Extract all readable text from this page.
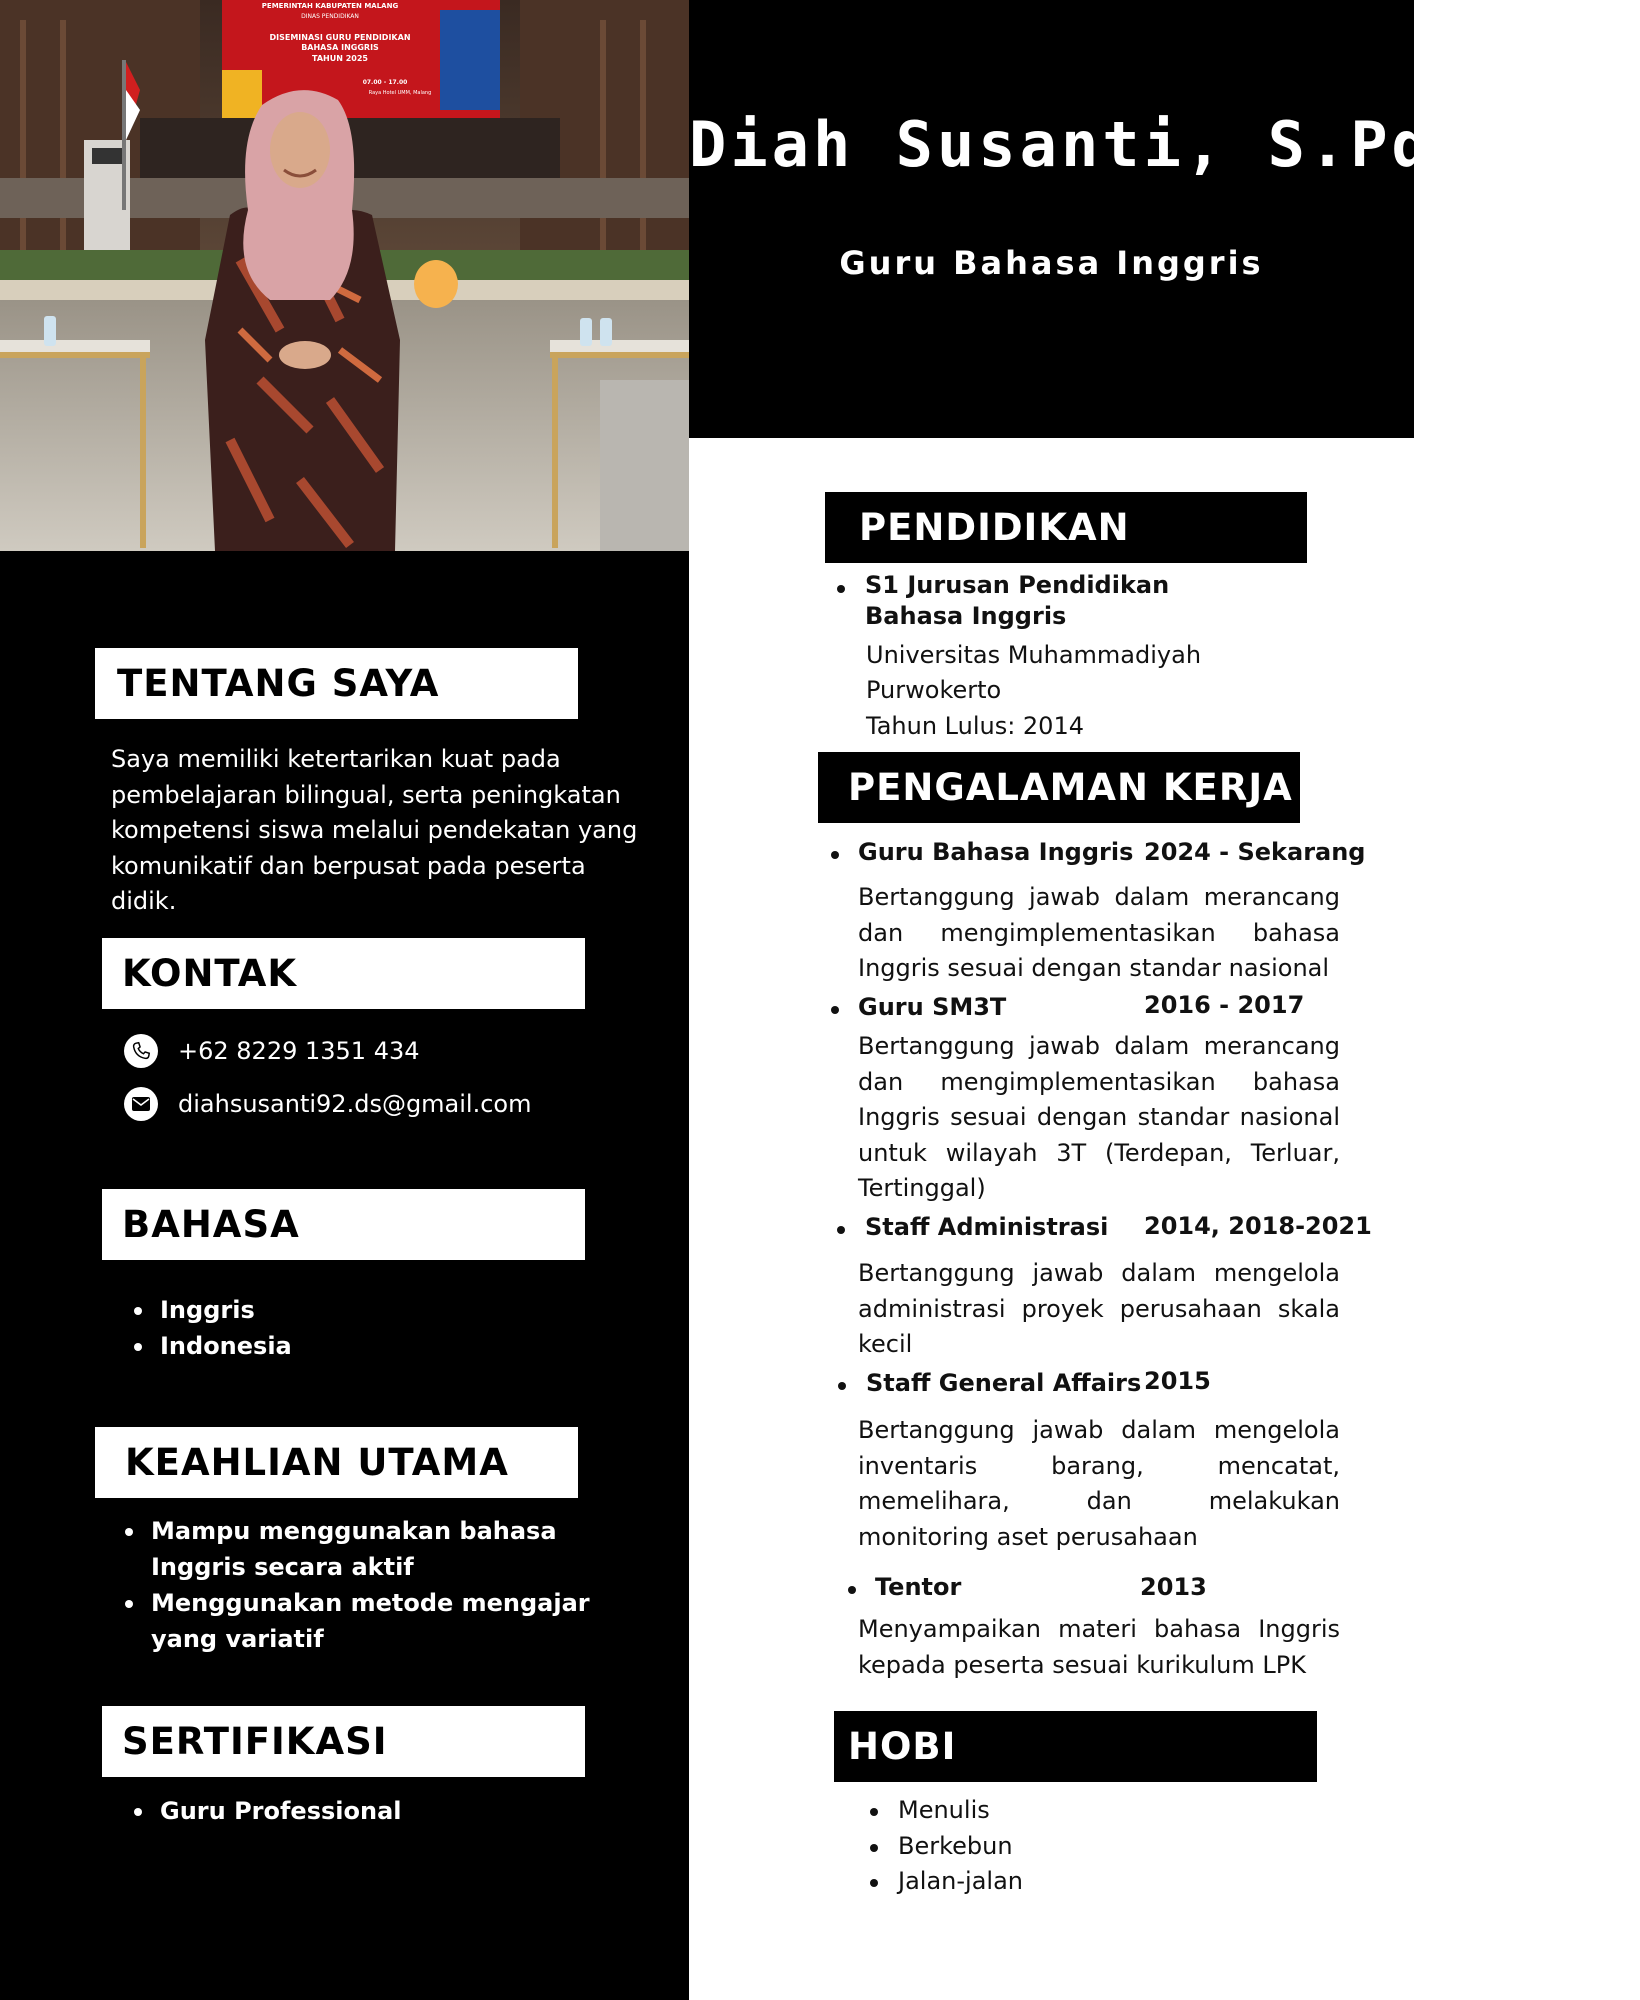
PEMERINTAH KABUPATEN MALANG
DINAS PENDIDIKAN
DISEMINASI GURU PENDIDIKAN
BAHASA INGGRIS
TAHUN 2025
07.00 - 17.00
Raya Hotel UMM, Malang
Diah Susanti, S.Pd., Gr
Guru Bahasa Inggris
TENTANG SAYA
Saya memiliki ketertarikan kuat pada pembelajaran bilingual, serta peningkatan kompetensi siswa melalui pendekatan yang komunikatif dan berpusat pada peserta didik.
KONTAK
+62 8229 1351 434
diahsusanti92.ds@gmail.com
BAHASA
Inggris
Indonesia
KEAHLIAN UTAMA
Mampu menggunakan bahasa Inggris secara aktif
Menggunakan metode mengajar yang variatif
SERTIFIKASI
Guru Professional
PENDIDIKAN
S1 Jurusan Pendidikan Bahasa Inggris
Universitas Muhammadiyah
Purwokerto
Tahun Lulus: 2014
PENGALAMAN KERJA
Guru Bahasa Inggris 2024 - Sekarang
Bertanggung jawab dalam merancang dan mengimplementasikan bahasa Inggris sesuai dengan standar nasional
Guru SM3T	2016 - 2017
Bertanggung jawab dalam merancang dan mengimplementasikan bahasa Inggris sesuai dengan standar nasional untuk wilayah 3T (Terdepan, Terluar, Tertinggal)
Staff Administrasi 2014, 2018-2021
Bertanggung jawab dalam mengelola administrasi proyek perusahaan skala kecil
Staff General Affairs 2015
Bertanggung jawab dalam mengelola inventaris barang, mencatat, memelihara, dan melakukan monitoring aset perusahaan
Tentor	2013
Menyampaikan materi bahasa Inggris kepada peserta sesuai kurikulum LPK
HOBI
Menulis
Berkebun
Jalan-jalan
